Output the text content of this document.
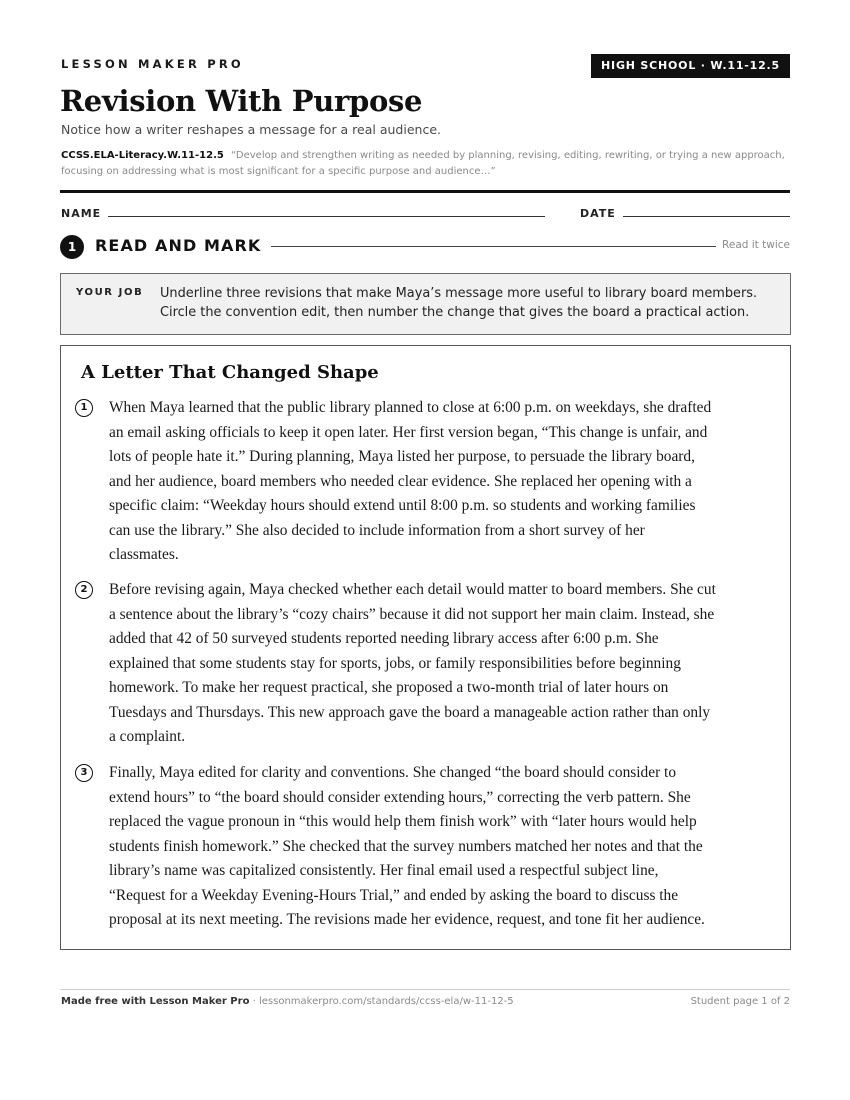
LESSON MAKER PRO	HIGH SCHOOL · W.11-12.5
Revision With Purpose
Notice how a writer reshapes a message for a real audience.
CCSS.ELA-Literacy.W.11-12.5 “Develop and strengthen writing as needed by planning, revising, editing, rewriting, or trying a new approach, focusing on addressing what is most significant for a specific purpose and audience…”
NAME	DATE
1	READ AND MARK	Read it twice
YOUR JOB Underline three revisions that make Maya’s message more useful to library board members.
Circle the convention edit, then number the change that gives the board a practical action.
A Letter That Changed Shape
1	When Maya learned that the public library planned to close at 6:00 p.m. on weekdays, she drafted
an email asking officials to keep it open later. Her first version began, “This change is unfair, and
lots of people hate it.” During planning, Maya listed her purpose, to persuade the library board,
and her audience, board members who needed clear evidence. She replaced her opening with a
specific claim: “Weekday hours should extend until 8:00 p.m. so students and working families
can use the library.” She also decided to include information from a short survey of her
classmates.
2	Before revising again, Maya checked whether each detail would matter to board members. She cut
a sentence about the library’s “cozy chairs” because it did not support her main claim. Instead, she
added that 42 of 50 surveyed students reported needing library access after 6:00 p.m. She
explained that some students stay for sports, jobs, or family responsibilities before beginning
homework. To make her request practical, she proposed a two-month trial of later hours on
Tuesdays and Thursdays. This new approach gave the board a manageable action rather than only
a complaint.
3	Finally, Maya edited for clarity and conventions. She changed “the board should consider to
extend hours” to “the board should consider extending hours,” correcting the verb pattern. She
replaced the vague pronoun in “this would help them finish work” with “later hours would help
students finish homework.” She checked that the survey numbers matched her notes and that the
library’s name was capitalized consistently. Her final email used a respectful subject line,
“Request for a Weekday Evening-Hours Trial,” and ended by asking the board to discuss the
proposal at its next meeting. The revisions made her evidence, request, and tone fit her audience.
Made free with Lesson Maker Pro · lessonmakerpro.com/standards/ccss-ela/w-11-12-5	Student page 1 of 2
